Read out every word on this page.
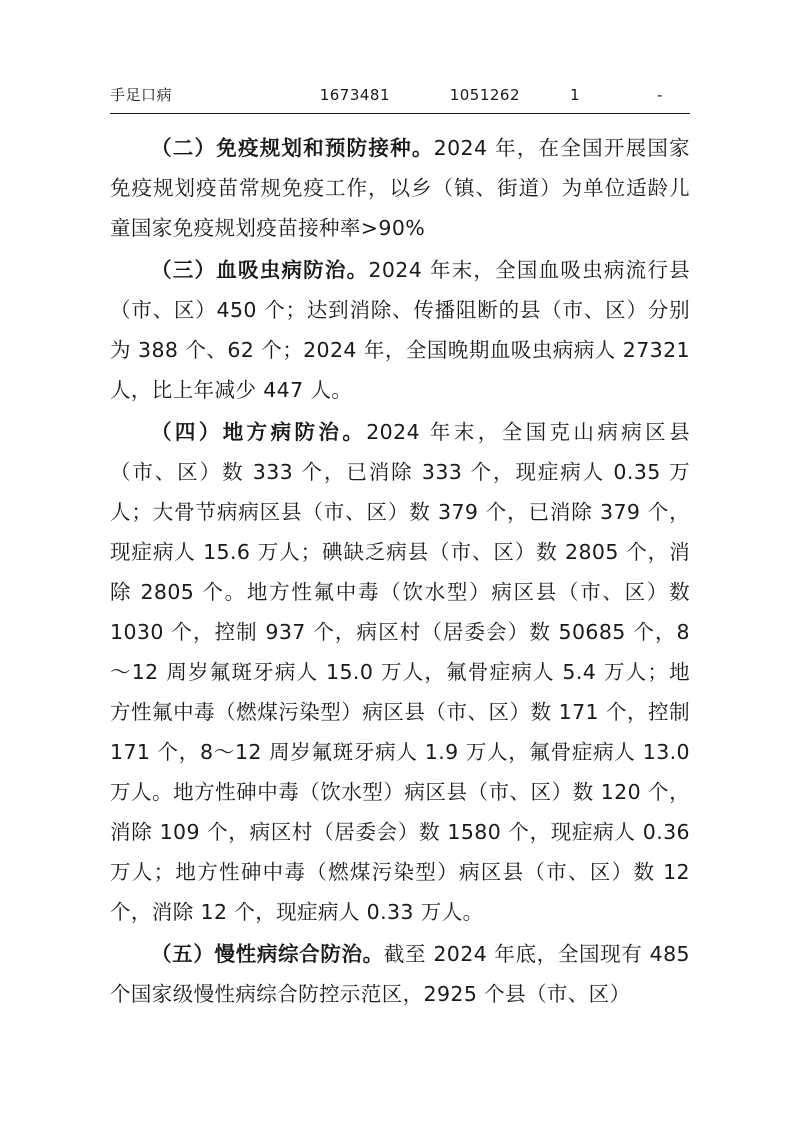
手足口病	1673481	1051262	1	-

（二）免疫规划和预防接种。2024 年，在全国开展国家免疫规划疫苗常规免疫工作，以乡（镇、街道）为单位适龄儿童国家免疫规划疫苗接种率>90%

（三）血吸虫病防治。2024 年末，全国血吸虫病流行县（市、区）450 个；达到消除、传播阻断的县（市、区）分别为 388 个、62 个；2024 年，全国晚期血吸虫病病人 27321 人，比上年减少 447 人。

（四）地方病防治。2024 年末，全国克山病病区县（市、区）数 333 个，已消除 333 个，现症病人 0.35 万人；大骨节病病区县（市、区）数 379 个，已消除 379 个，现症病人 15.6 万人；碘缺乏病县（市、区）数 2805 个，消除 2805 个。地方性氟中毒（饮水型）病区县（市、区）数 1030 个，控制 937 个，病区村（居委会）数 50685 个，8～12 周岁氟斑牙病人 15.0 万人，氟骨症病人 5.4 万人；地方性氟中毒（燃煤污染型）病区县（市、区）数 171 个，控制 171 个，8～12 周岁氟斑牙病人 1.9 万人，氟骨症病人 13.0 万人。地方性砷中毒（饮水型）病区县（市、区）数 120 个，消除 109 个，病区村（居委会）数 1580 个，现症病人 0.36 万人；地方性砷中毒（燃煤污染型）病区县（市、区）数 12 个，消除 12 个，现症病人 0.33 万人。

（五）慢性病综合防治。截至 2024 年底，全国现有 485 个国家级慢性病综合防控示范区，2925 个县（市、区）
